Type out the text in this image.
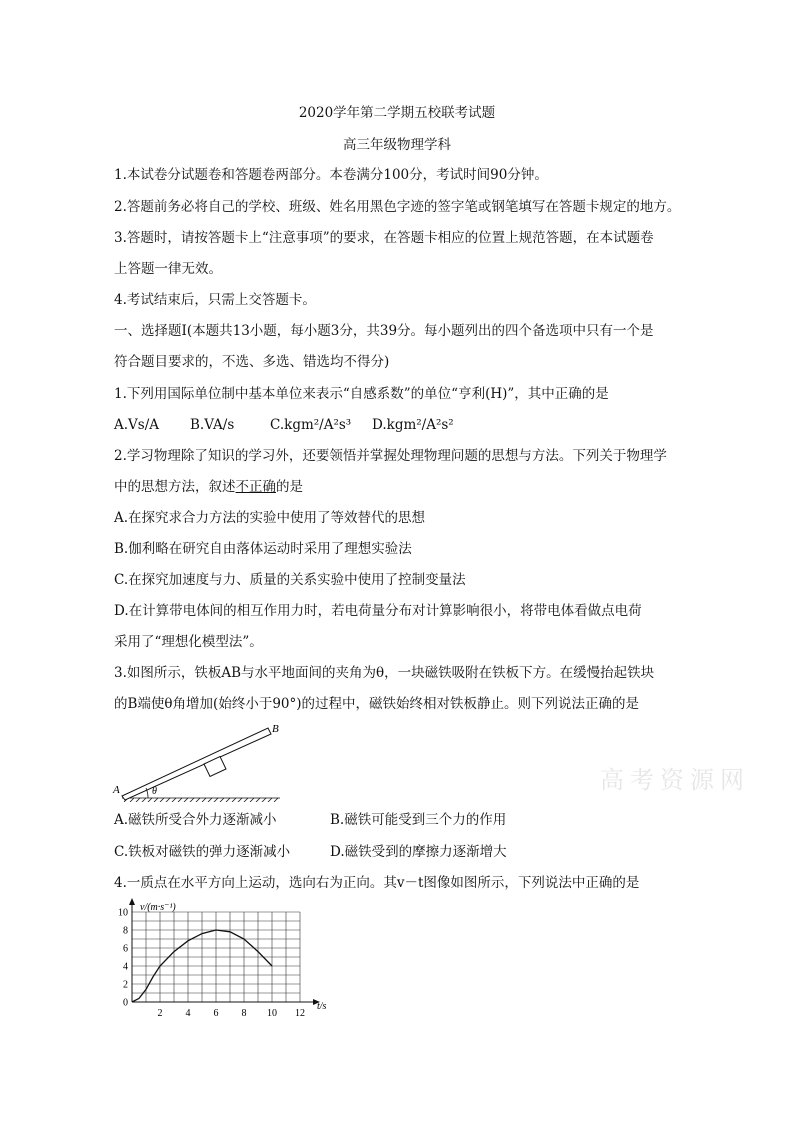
2020学年第二学期五校联考试题
高三年级物理学科
1.本试卷分试题卷和答题卷两部分。本卷满分100分，考试时间90分钟。
2.答题前务必将自己的学校、班级、姓名用黑色字迹的签字笔或钢笔填写在答题卡规定的地方。
3.答题时，请按答题卡上“注意事项”的要求，在答题卡相应的位置上规范答题，在本试题卷
上答题一律无效。
4.考试结束后，只需上交答题卡。
一、选择题Ⅰ(本题共13小题，每小题3分，共39分。每小题列出的四个备选项中只有一个是
符合题目要求的，不选、多选、错选均不得分)
1.下列用国际单位制中基本单位来表示“自感系数”的单位“亨利(H)”，其中正确的是
A.Vs/A B.VA/s	C.kgm²/A²s³ D.kgm²/A²s²
2.学习物理除了知识的学习外，还要领悟并掌握处理物理问题的思想与方法。下列关于物理学
中的思想方法，叙述不正确的是
A.在探究求合力方法的实验中使用了等效替代的思想
B.伽利略在研究自由落体运动时采用了理想实验法
C.在探究加速度与力、质量的关系实验中使用了控制变量法
D.在计算带电体间的相互作用力时，若电荷量分布对计算影响很小，将带电体看做点电荷
采用了“理想化模型法”。
3.如图所示，铁板AB与水平地面间的夹角为θ，一块磁铁吸附在铁板下方。在缓慢抬起铁块
的B端使θ角增加(始终小于90°)的过程中，磁铁始终相对铁板静止。则下列说法正确的是
θ
A
B
高考资源网
A.磁铁所受合外力逐渐减小	B.磁铁可能受到三个力的作用
C.铁板对磁铁的弹力逐渐减小	D.磁铁受到的摩擦力逐渐增大
4.一质点在水平方向上运动，选向右为正向。其v－t图像如图所示，下列说法中正确的是
2 4 6 8 10 12
0
2
4
6
8
10 v/(m·s⁻¹)
t/s
